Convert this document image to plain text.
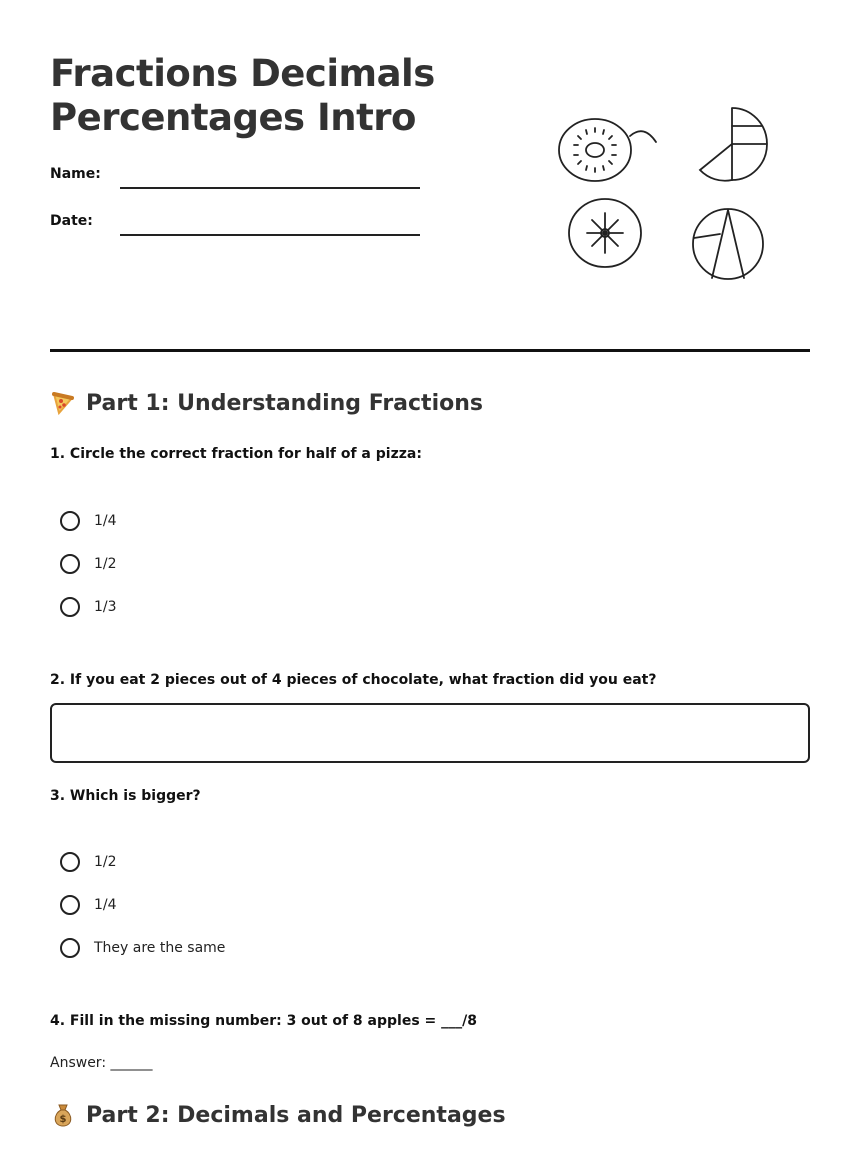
Fractions Decimals
Percentages Intro
Name:
Date:
Part 1: Understanding Fractions

1. Circle the correct fraction for half of a pizza:

1/4
1/2
1/3

2. If you eat 2 pieces out of 4 pieces of chocolate, what fraction did you eat?

3. Which is bigger?

1/2
1/4
They are the same

4. Fill in the missing number: 3 out of 8 apples = ___/8

Answer: ______
$ Part 2: Decimals and Percentages
